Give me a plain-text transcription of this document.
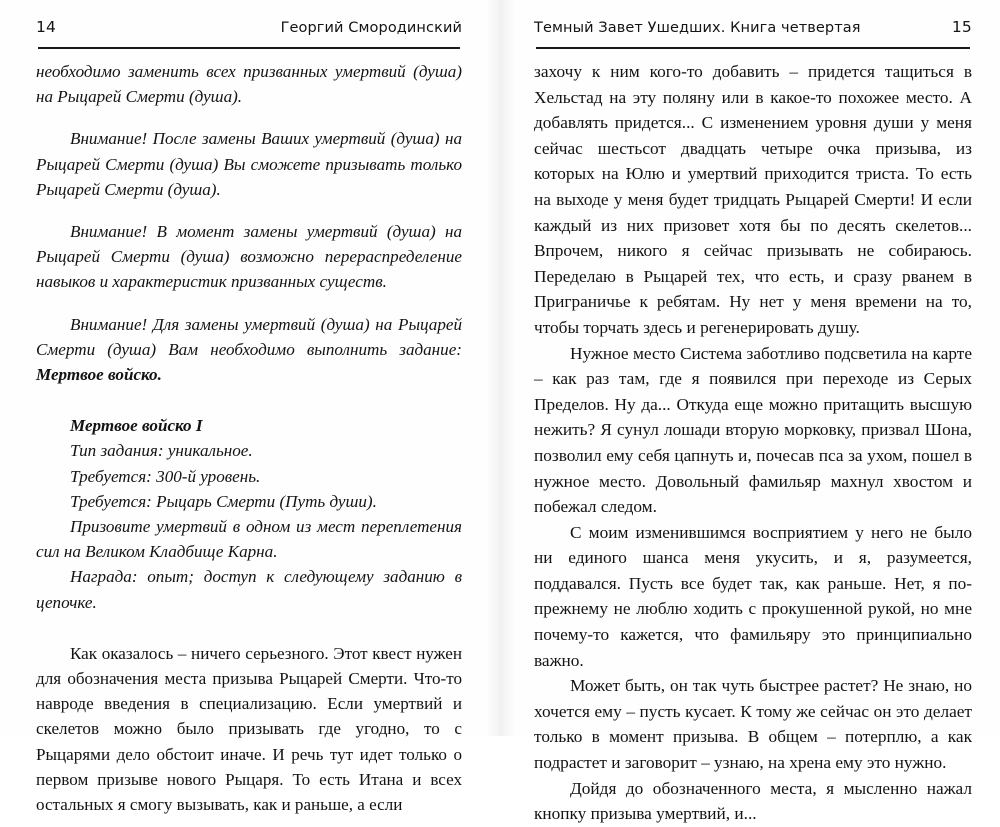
14	Георгий Смородинский

необходимо заменить всех призванных умертвий (душа) на Рыцарей Смерти (душа).

Внимание! После замены Ваших умертвий (душа) на Рыцарей Смерти (душа) Вы сможете призывать только Рыцарей Смерти (душа).

Внимание! В момент замены умертвий (душа) на Рыцарей Смерти (душа) возможно перераспределение навыков и характеристик призванных существ.

Внимание! Для замены умертвий (душа) на Рыцарей Смерти (душа) Вам необходимо выполнить задание: Мертвое войско.

Мертвое войско I

Тип задания: уникальное.

Требуется: 300-й уровень.

Требуется: Рыцарь Смерти (Путь души).

Призовите умертвий в одном из мест переплетения сил на Великом Кладбище Карна.

Награда: опыт; доступ к следующему заданию в цепочке.

Как оказалось – ничего серьезного. Этот квест нужен для обозначения места призыва Рыцарей Смерти. Что-то навроде введения в специализацию. Если умертвий и скелетов можно было призывать где угодно, то с Рыцарями дело обстоит иначе. И речь тут идет только о первом призыве нового Рыцаря. То есть Итана и всех остальных я смогу вызывать, как и раньше, а если

Темный Завет Ушедших. Книга четвертая	15

захочу к ним кого-то добавить – придется тащиться в Хельстад на эту поляну или в какое-то похожее место. А добавлять придется... С изменением уровня души у меня сейчас шестьсот двадцать четыре очка призыва, из которых на Юлю и умертвий приходится триста. То есть на выходе у меня будет тридцать Рыцарей Смерти! И если каждый из них призовет хотя бы по десять скелетов... Впрочем, никого я сейчас призывать не собираюсь. Переделаю в Рыцарей тех, что есть, и сразу рванем в Приграничье к ребятам. Ну нет у меня времени на то, чтобы торчать здесь и регенерировать душу.

Нужное место Система заботливо подсветила на карте – как раз там, где я появился при переходе из Серых Пределов. Ну да... Откуда еще можно притащить высшую нежить? Я сунул лошади вторую морковку, призвал Шона, позволил ему себя цапнуть и, почесав пса за ухом, пошел в нужное место. Довольный фамильяр махнул хвостом и побежал следом.

С моим изменившимся восприятием у него не было ни единого шанса меня укусить, и я, разумеется, поддавался. Пусть все будет так, как раньше. Нет, я по-прежнему не люблю ходить с прокушенной рукой, но мне почему-то кажется, что фамильяру это принципиально важно.

Может быть, он так чуть быстрее растет? Не знаю, но хочется ему – пусть кусает. К тому же сейчас он это делает только в момент призыва. В общем – потерплю, а как подрастет и заговорит – узнаю, на хрена ему это нужно.

Дойдя до обозначенного места, я мысленно нажал кнопку призыва умертвий, и...
